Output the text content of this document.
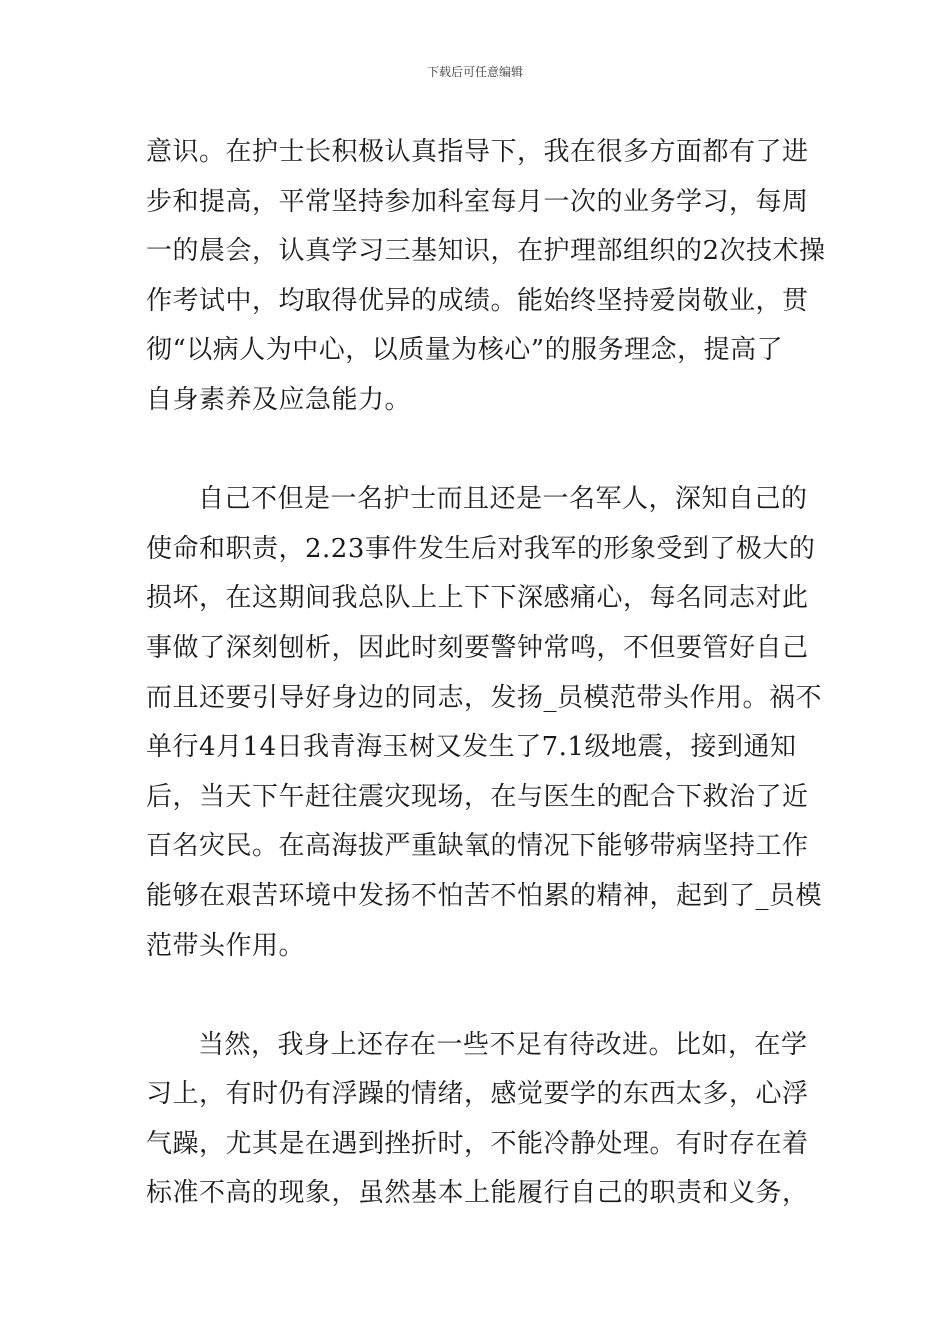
下载后可任意编辑
意识。在护士长积极认真指导下，我在很多方面都有了进
步和提高，平常坚持参加科室每月一次的业务学习，每周
一的晨会，认真学习三基知识，在护理部组织的2次技术操
作考试中，均取得优异的成绩。能始终坚持爱岗敬业，贯
彻“以病人为中心，以质量为核心”的服务理念，提高了
自身素养及应急能力。
自己不但是一名护士而且还是一名军人，深知自己的
使命和职责，2.23事件发生后对我军的形象受到了极大的
损坏，在这期间我总队上上下下深感痛心，每名同志对此
事做了深刻刨析，因此时刻要警钟常鸣，不但要管好自己
而且还要引导好身边的同志，发扬_员模范带头作用。祸不
单行4月14日我青海玉树又发生了7.1级地震，接到通知
后，当天下午赶往震灾现场，在与医生的配合下救治了近
百名灾民。在高海拔严重缺氧的情况下能够带病坚持工作
能够在艰苦环境中发扬不怕苦不怕累的精神，起到了_员模
范带头作用。
当然，我身上还存在一些不足有待改进。比如，在学
习上，有时仍有浮躁的情绪，感觉要学的东西太多，心浮
气躁，尤其是在遇到挫折时，不能冷静处理。有时存在着
标准不高的现象，虽然基本上能履行自己的职责和义务，
